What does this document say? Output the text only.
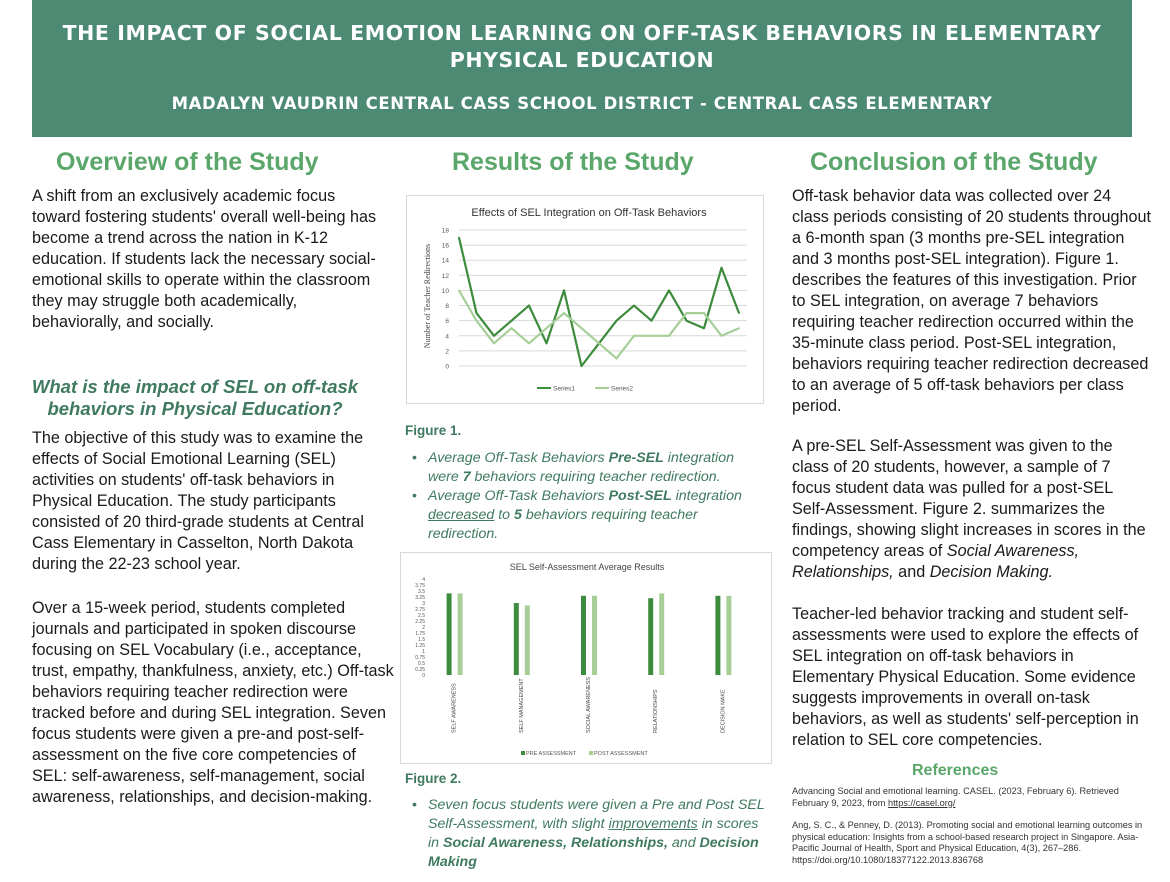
THE IMPACT OF SOCIAL EMOTION LEARNING ON OFF-TASK BEHAVIORS IN ELEMENTARY
PHYSICAL EDUCATION
MADALYN VAUDRIN CENTRAL CASS SCHOOL DISTRICT - CENTRAL CASS ELEMENTARY
Overview of the Study
A shift from an exclusively academic focus toward fostering students' overall well-being has become a trend across the nation in K-12 education. If students lack the necessary social-emotional skills to operate within the classroom they may struggle both academically, behaviorally, and socially.
What is the impact of SEL on off-task
behaviors in Physical Education?
The objective of this study was to examine the effects of Social Emotional Learning (SEL) activities on students' off-task behaviors in Physical Education. The study participants consisted of 20 third-grade students at Central Cass Elementary in Casselton, North Dakota during the 22-23 school year.
Over a 15-week period, students completed journals and participated in spoken discourse focusing on SEL Vocabulary (i.e., acceptance, trust, empathy, thankfulness, anxiety, etc.) Off-task behaviors requiring teacher redirection were tracked before and during SEL integration. Seven focus students were given a pre-and post-self-assessment on the five core competencies of SEL: self-awareness, self-management, social awareness, relationships, and decision-making.
Results of the Study
Effects of SEL Integration on Off-Task Behaviors
Number of Teacher Redirections
0
2
4
6
8
10
12
14
16
18
Series1	Series2
Figure 1.
• Average Off-Task Behaviors Pre-SEL integration were 7 behaviors requiring teacher redirection.
• Average Off-Task Behaviors Post-SEL integration decreased to 5 behaviors requiring teacher redirection.
SEL Self-Assessment Average Results
0
0.25
0.5
0.75
1
1.25
1.5
1.75
2
2.25
2.5
2.75
3
3.25
3.5
3.75
4
SELF AWARENESS	SELF MANAGEMENT	SOCIAL AWARENESS	RELATIONSHIPS	DECISION MAKE
PRE ASSESSMENT	POST ASSESSMENT
Figure 2.
• Seven focus students were given a Pre and Post SEL Self-Assessment, with slight improvements in scores in Social Awareness, Relationships, and Decision Making
Conclusion of the Study
Off-task behavior data was collected over 24 class periods consisting of 20 students throughout a 6-month span (3 months pre-SEL integration and 3 months post-SEL integration). Figure 1. describes the features of this investigation. Prior to SEL integration, on average 7 behaviors requiring teacher redirection occurred within the 35-minute class period. Post-SEL integration, behaviors requiring teacher redirection decreased to an average of 5 off-task behaviors per class period.
A pre-SEL Self-Assessment was given to the class of 20 students, however, a sample of 7 focus student data was pulled for a post-SEL Self-Assessment. Figure 2. summarizes the findings, showing slight increases in scores in the competency areas of Social Awareness, Relationships, and Decision Making.
Teacher-led behavior tracking and student self-assessments were used to explore the effects of SEL integration on off-task behaviors in Elementary Physical Education. Some evidence suggests improvements in overall on-task behaviors, as well as students' self-perception in relation to SEL core competencies.
References
Advancing Social and emotional learning. CASEL. (2023, February 6). Retrieved February 9, 2023, from https://casel.org/
Ang, S. C., & Penney, D. (2013). Promoting social and emotional learning outcomes in physical education: Insights from a school-based research project in Singapore. Asia-Pacific Journal of Health, Sport and Physical Education, 4(3), 267–286. https://doi.org/10.1080/18377122.2013.836768
